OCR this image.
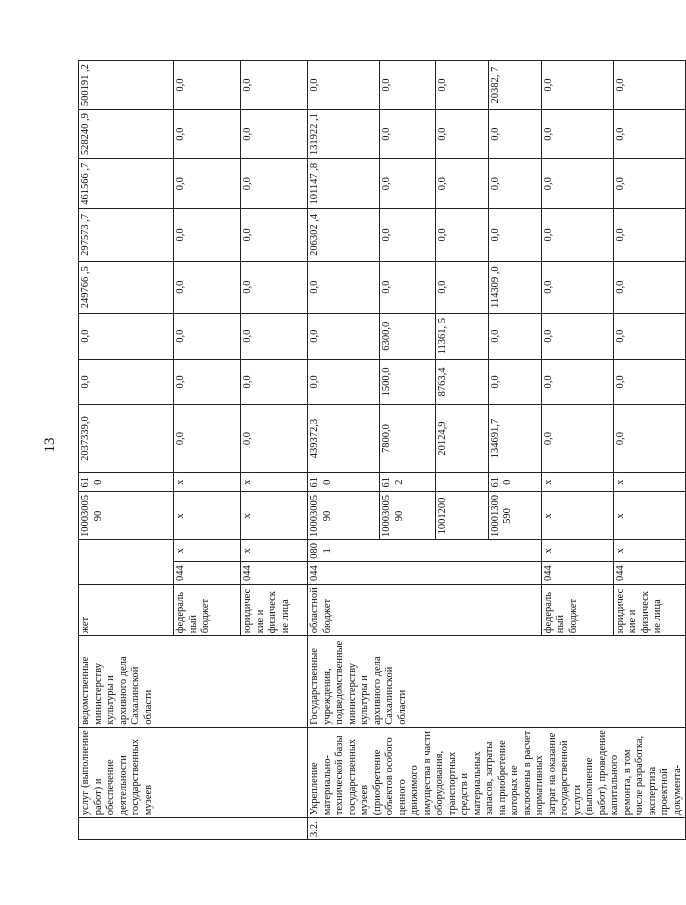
13
	услуг (выполнение работ) и обеспечение деятельности государственных музеев	ведомственные министерству культуры и архивного дела Сахалинской области	жет			10003005 90	61 0	2037339,0	0,0	0,0	249766 ,5	297573 ,7	461566 ,7	528240 ,9	500191 ,2
			федеральный бюджет	044	х	х	х	0,0	0,0	0,0	0,0	0,0	0,0	0,0	0,0
			юридические и физические лица	044	х	х	х	0,0	0,0	0,0	0,0	0,0	0,0	0,0	0,0
3.2.	Укрепление материально-технической базы государственных музеев (приобретение объектов особого ценного движимого имущества в части оборудования, транспортных средств и материальных запасов, затраты на приобретение которых не включены в расчет нормативных затрат на оказание государственной услуги (выполнение работ), проведение капитального ремонта, в том числе разработка, экспертиза проектной документа-	Государственные учреждения, подведомственные министерству культуры и архивного дела Сахалинской области	областной бюджет	044	080 1	10003005 90	61 0	439372,3	0,0	0,0	0,0	206302 ,4	101147 ,8	131922 ,1	0,0
						10003005 90	61 2	7800,0	1500,0	6300,0	0,0	0,0	0,0	0,0	0,0
						1001200		20124,9	8763,4	11361, 5	0,0	0,0	0,0	0,0	0,0
						10001300 590	61 0	134691,7	0,0	0,0	114309 ,0	0,0	0,0	0,0	20382, 7
			федеральный бюджет	044	х	х	х	0,0	0,0	0,0	0,0	0,0	0,0	0,0	0,0
			юридические и физические лица	044	х	х	х	0,0	0,0	0,0	0,0	0,0	0,0	0,0	0,0
